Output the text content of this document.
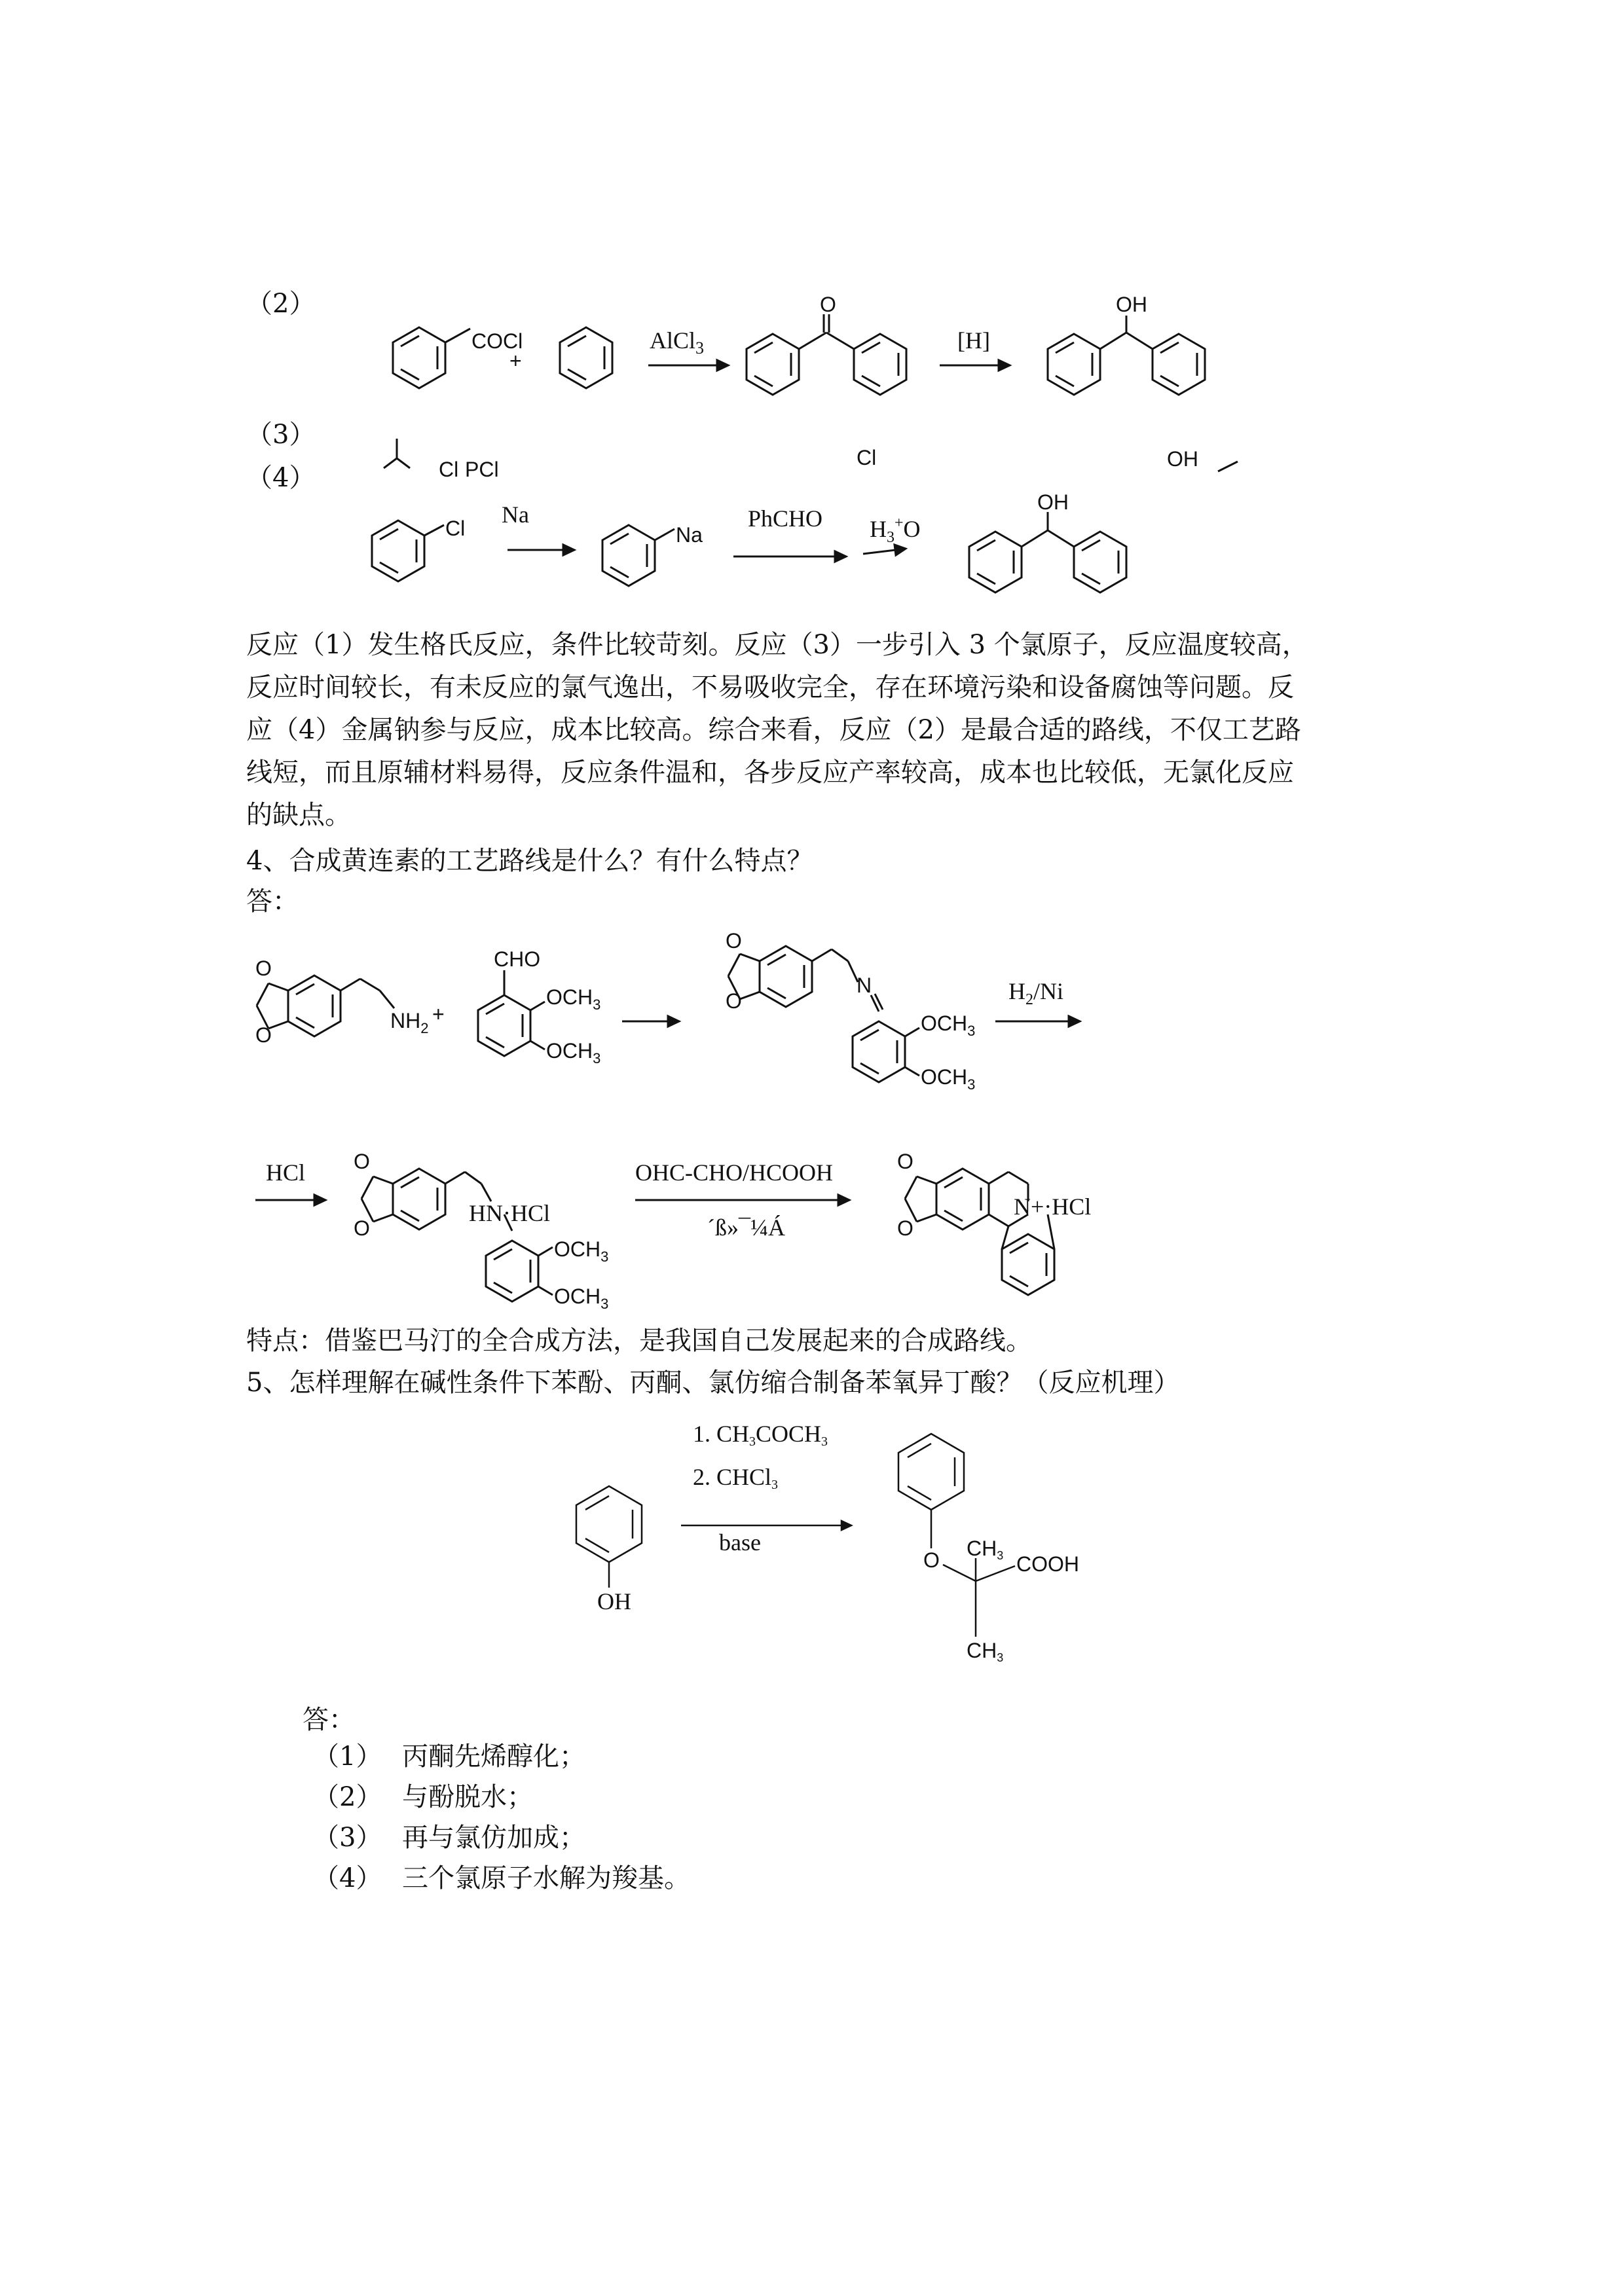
（2）
（3）
（4）
COCl
+
AlCl$_3$
O
[H]
OH
Cl PCl	Cl	OH
Cl
Na
Na
PhCHO $H_3^+O$
OH
反应（1）发生格氏反应，条件比较苛刻。反应（3）一步引入 3 个氯原子，反应温度较高，
反应时间较长，有未反应的氯气逸出，不易吸收完全，存在环境污染和设备腐蚀等问题。反
应（4）金属钠参与反应，成本比较高。综合来看，反应（2）是最合适的路线，不仅工艺路
线短，而且原辅材料易得，反应条件温和，各步反应产率较高，成本也比较低，无氯化反应
的缺点。
4、合成黄连素的工艺路线是什么？有什么特点？
答：
O
O
$NH_2$
+
CHO
$OCH_3$
$OCH_3$
O
O
N
$OCH_3$
$OCH_3$
$H_2/Ni$
HCl O
O
HN·HCl
$OCH_3$
$OCH_3$
OHC-CHO/HCOOH
´ß»¯¼Á
O
O
N+·HCl
特点：借鉴巴马汀的全合成方法，是我国自己发展起来的合成路线。
5、怎样理解在碱性条件下苯酚、丙酮、氯仿缩合制备苯氧异丁酸？（反应机理）
OH
1. CH3COCH3
2. CHCl3
base
O CH3 COOH
CH3
答：
（1） 丙酮先烯醇化；
（2） 与酚脱水；
（3） 再与氯仿加成；
（4） 三个氯原子水解为羧基。
